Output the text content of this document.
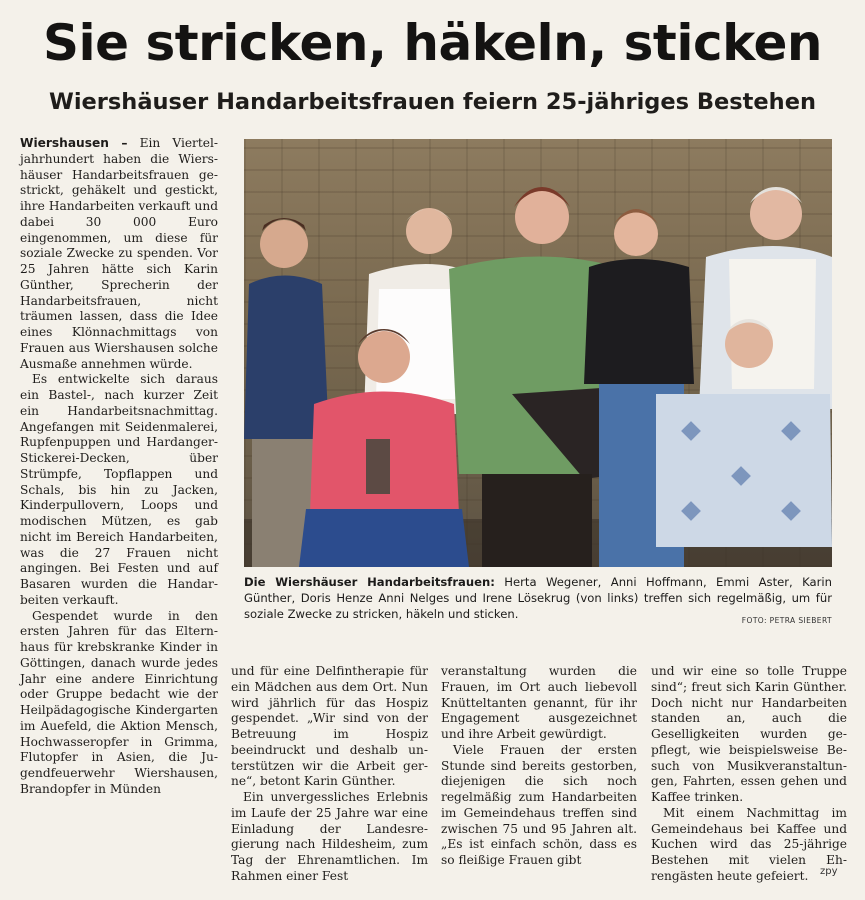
Sie stricken, häkeln, sticken
Wiershäuser Handarbeitsfrauen feiern 25-jähriges Bestehen

Wiershausen – Ein Vierteljahrhundert haben die Wiershäuser Handarbeitsfrauen gestrickt, gehäkelt und gestickt, ihre Handarbeiten verkauft und dabei 30 000 Euro eingenommen, um diese für soziale Zwecke zu spenden. Vor 25 Jahren hätte sich Karin Günther, Sprecherin der Handarbeitsfrauen, nicht träumen lassen, dass die Idee eines Klönnachmittags von Frauen aus Wiershausen solche Ausmaße annehmen würde.

Es entwickelte sich daraus ein Bastel-, nach kurzer Zeit ein Handarbeitsnachmittag. Angefangen mit Seidenmalerei, Rupfenpuppen und Hardanger-Stickerei-Decken, über Strümpfe, Topflappen und Schals, bis hin zu Jacken, Kinderpullovern, Loops und modischen Mützen, es gab nicht im Bereich Handarbeiten, was die 27 Frauen nicht angingen. Bei Festen und auf Basaren wurden die Handarbeiten verkauft.

Gespendet wurde in den ersten Jahren für das Elternhaus für krebskranke Kinder in Göttingen, danach wurde jedes Jahr eine andere Einrichtung oder Gruppe bedacht wie der Heilpädagogische Kindergarten im Auefeld, die Aktion Mensch, Hochwasseropfer in Grimma, Flutopfer in Asien, die Jugendfeuerwehr Wiershausen, Brandopfer in Münden

Die Wiershäuser Handarbeitsfrauen: Herta Wegener, Anni Hoffmann, Emmi Aster, Karin Günther, Doris Henze Anni Nelges und Irene Lösekrug (von links) treffen sich regelmäßig, um für soziale Zwecke zu stricken, häkeln und sticken.	FOTO: PETRA SIEBERT

und für eine Delfintherapie für ein Mädchen aus dem Ort. Nun wird jährlich für das Hospiz gespendet. „Wir sind von der Betreuung im Hospiz beeindruckt und deshalb unterstützen wir die Arbeit gerne“, betont Karin Günther.

Ein unvergessliches Erlebnis im Laufe der 25 Jahre war eine Einladung der Landesregierung nach Hildesheim, zum Tag der Ehrenamtlichen. Im Rahmen einer Fest

veranstaltung wurden die Frauen, im Ort auch liebevoll Knütteltanten genannt, für ihr Engagement ausgezeichnet und ihre Arbeit gewürdigt.

Viele Frauen der ersten Stunde sind bereits gestorben, diejenigen die sich noch regelmäßig zum Handarbeiten im Gemeindehaus treffen sind zwischen 75 und 95 Jahren alt. „Es ist einfach schön, dass es so fleißige Frauen gibt

und wir eine so tolle Truppe sind“; freut sich Karin Günther. Doch nicht nur Handarbeiten standen an, auch die Geselligkeiten wurden gepflegt, wie beispielsweise Besuch von Musikveranstaltungen, Fahrten, essen gehen und Kaffee trinken.

Mit einem Nachmittag im Gemeindehaus bei Kaffee und Kuchen wird das 25-jährige Bestehen mit vielen Ehrengästen heute gefeiert.	zpy
